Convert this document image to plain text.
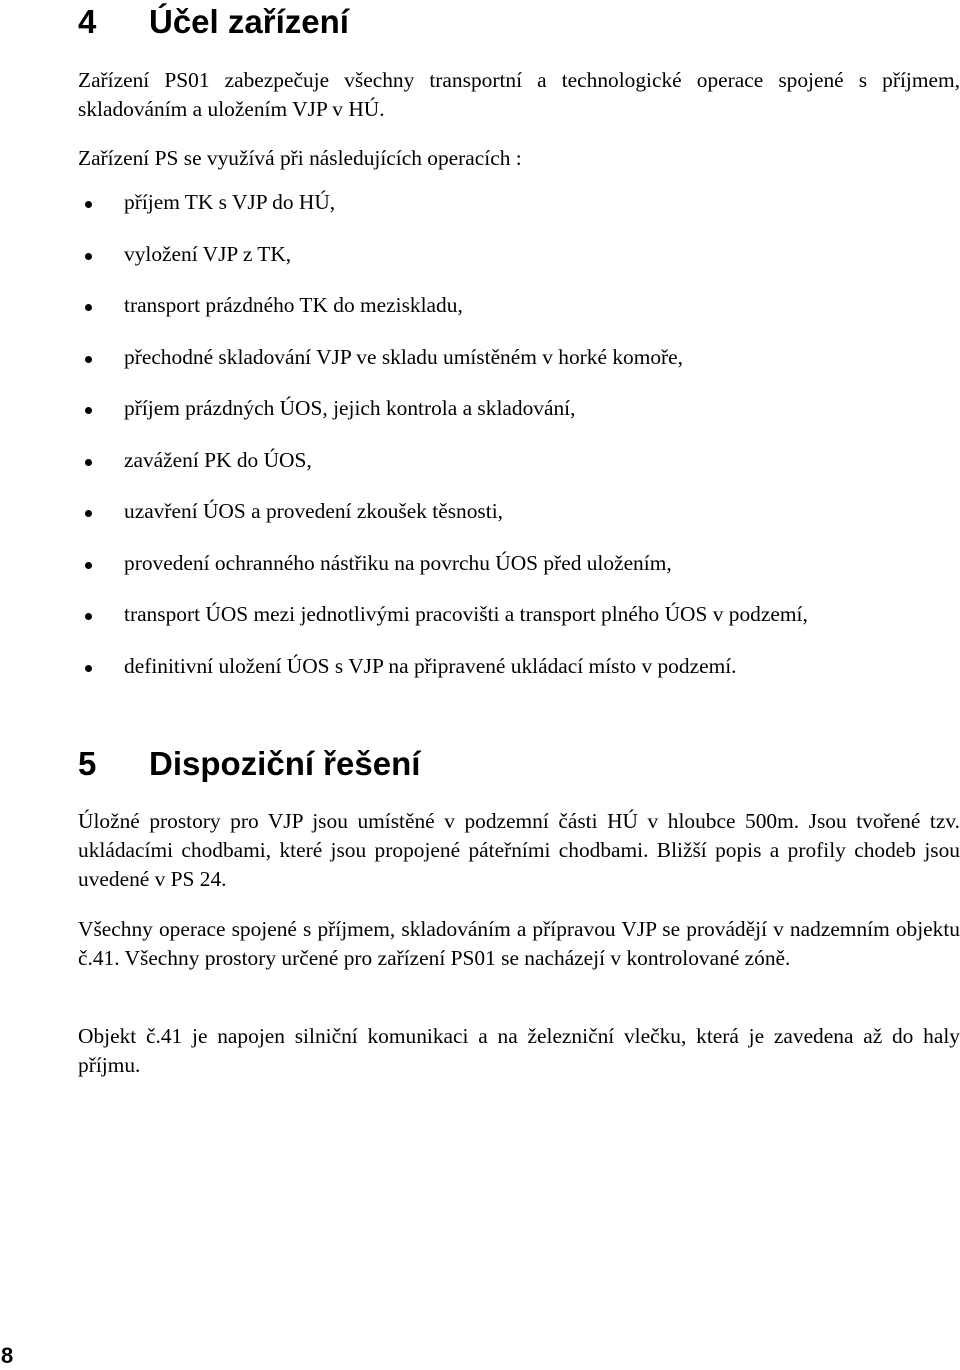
4 Účel zařízení

Zařízení PS01 zabezpečuje všechny transportní a technologické operace spojené s příjmem, skladováním a uložením VJP v HÚ.

Zařízení PS se využívá při následujících operacích :

příjem TK s VJP do HÚ,
vyložení VJP z TK,
transport prázdného TK do meziskladu,
přechodné skladování VJP ve skladu umístěném v horké komoře,
příjem prázdných ÚOS, jejich kontrola a skladování,
zavážení PK do ÚOS,
uzavření ÚOS a provedení zkoušek těsnosti,
provedení ochranného nástřiku na povrchu ÚOS před uložením,
transport ÚOS mezi jednotlivými pracovišti a transport plného ÚOS v podzemí,
definitivní uložení ÚOS s VJP na připravené ukládací místo v podzemí.
5 Dispoziční řešení

Úložné prostory pro VJP jsou umístěné v podzemní části HÚ v hloubce 500m. Jsou tvořené tzv. ukládacími chodbami, které jsou propojené páteřními chodbami. Bližší popis a profily chodeb jsou uvedené v PS 24.

Všechny operace spojené s příjmem, skladováním a přípravou VJP se provádějí v nadzemním objektu č.41. Všechny prostory určené pro zařízení PS01 se nacházejí v kontrolované zóně.

Objekt č.41 je napojen silniční komunikaci a na železniční vlečku, která je zavedena až do haly příjmu.

8
